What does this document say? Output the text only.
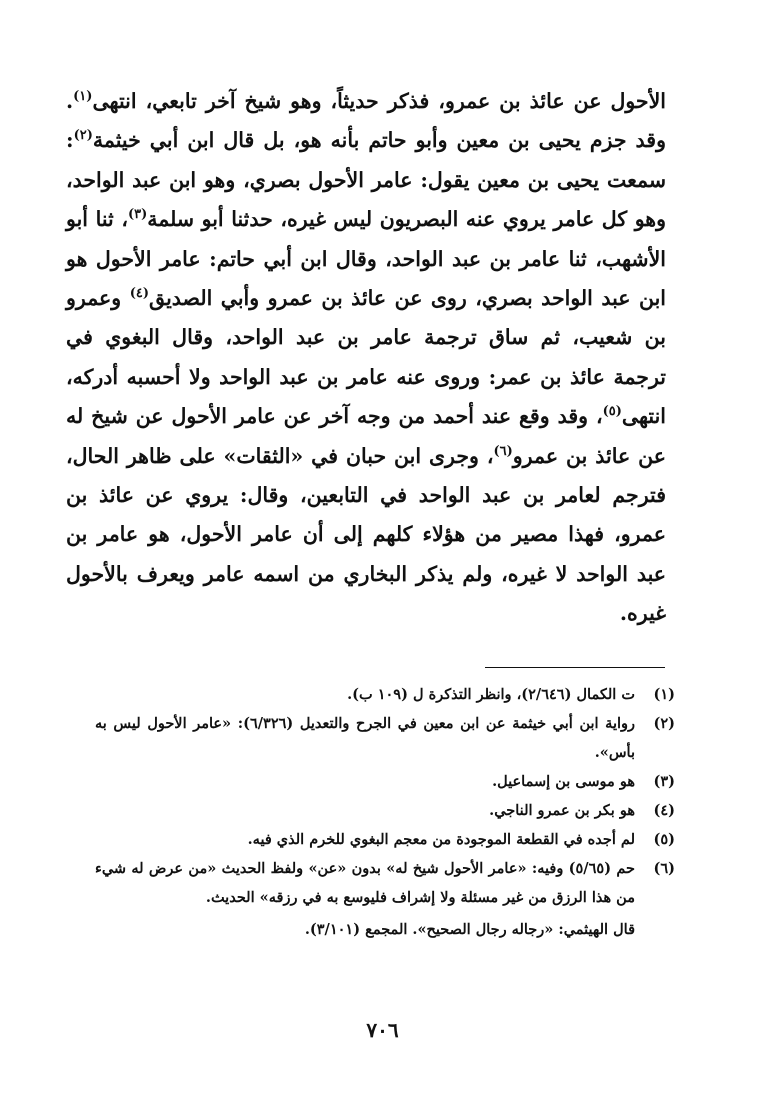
الأحول عن عائذ بن عمرو، فذكر حديثاً، وهو شيخ آخر تابعي، انتهى$^{(١)}$. وقد جزم يحيى بن معين وأبو حاتم بأنه هو، بل قال ابن أبي خيثمة$^{(٢)}$: سمعت يحيى بن معين يقول: عامر الأحول بصري، وهو ابن عبد الواحد، وهو كل عامر يروي عنه البصريون ليس غيره، حدثنا أبو سلمة$^{(٣)}$، ثنا أبو الأشهب، ثنا عامر بن عبد الواحد، وقال ابن أبي حاتم: عامر الأحول هو ابن عبد الواحد بصري، روى عن عائذ بن عمرو وأبي الصديق$^{(٤)}$ وعمرو بن شعيب، ثم ساق ترجمة عامر بن عبد الواحد، وقال البغوي في ترجمة عائذ بن عمر: وروى عنه عامر بن عبد الواحد ولا أحسبه أدركه، انتهى$^{(٥)}$، وقد وقع عند أحمد من وجه آخر عن عامر الأحول عن شيخ له عن عائذ بن عمرو$^{(٦)}$، وجرى ابن حبان في «الثقات» على ظاهر الحال، فترجم لعامر بن عبد الواحد في التابعين، وقال: يروي عن عائذ بن عمرو، فهذا مصير من هؤلاء كلهم إلى أن عامر الأحول، هو عامر بن عبد الواحد لا غيره، ولم يذكر البخاري من اسمه عامر ويعرف بالأحول غيره.

(١)
ت الكمال (٢/٦٤٦)، وانظر التذكرة ل (١٠٩ ب).
(٢)
رواية ابن أبي خيثمة عن ابن معين في الجرح والتعديل (٦/٣٢٦): «عامر الأحول ليس به بأس».
(٣)
هو موسى بن إسماعيل.
(٤)
هو بكر بن عمرو الناجي.
(٥)
لم أجده في القطعة الموجودة من معجم البغوي للخرم الذي فيه.
(٦)
حم (٥/٦٥) وفيه: «عامر الأحول شيخ له» بدون «عن» ولفظ الحديث «من عرض له شيء من هذا الرزق من غير مسئلة ولا إشراف فليوسع به في رزقه» الحديث.
قال الهيثمي: «رجاله رجال الصحيح». المجمع (٣/١٠١).
٧٠٦
